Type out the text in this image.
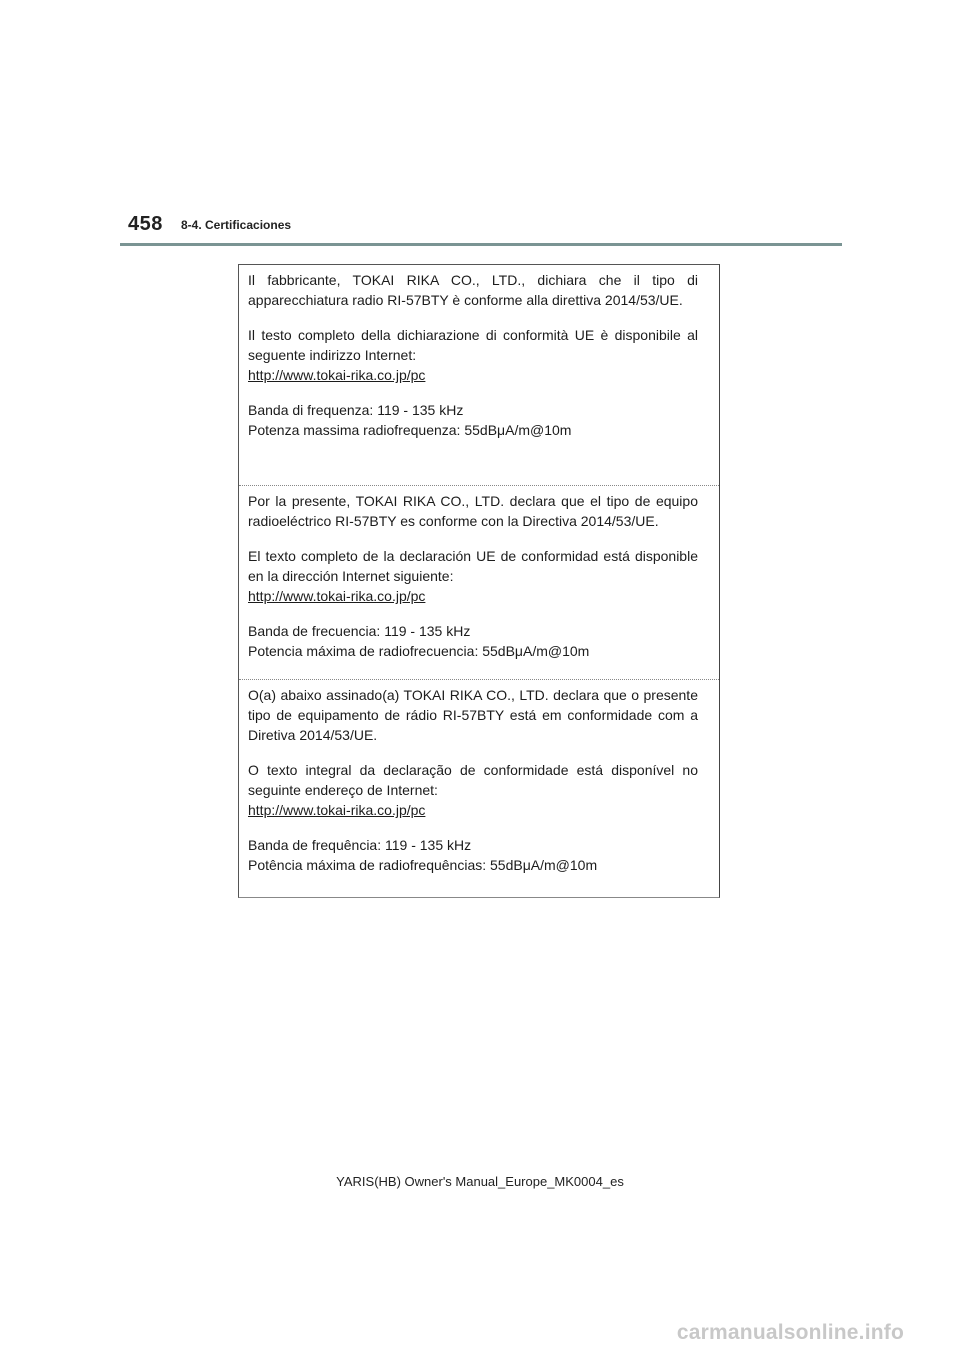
458 8-4. Certificaciones

Il fabbricante, TOKAI RIKA CO., LTD., dichiara che il tipo di apparecchiatura radio RI-57BTY è conforme alla direttiva 2014/53/UE.

Il testo completo della dichiarazione di conformità UE è disponibile al seguente indirizzo Internet:
http://www.tokai-rika.co.jp/pc

Banda di frequenza: 119 - 135 kHz
Potenza massima radiofrequenza: 55dBμA/m@10m

Por la presente, TOKAI RIKA CO., LTD. declara que el tipo de equipo radioeléctrico RI-57BTY es conforme con la Directiva 2014/53/UE.

El texto completo de la declaración UE de conformidad está disponible en la dirección Internet siguiente:
http://www.tokai-rika.co.jp/pc

Banda de frecuencia: 119 - 135 kHz
Potencia máxima de radiofrecuencia: 55dBμA/m@10m

O(a) abaixo assinado(a) TOKAI RIKA CO., LTD. declara que o presente tipo de equipamento de rádio RI-57BTY está em conformidade com a Diretiva 2014/53/UE.

O texto integral da declaração de conformidade está disponível no seguinte endereço de Internet:
http://www.tokai-rika.co.jp/pc

Banda de frequência: 119 - 135 kHz
Potência máxima de radiofrequências: 55dBμA/m@10m

YARIS(HB) Owner's Manual_Europe_MK0004_es
carmanualsonline.info
